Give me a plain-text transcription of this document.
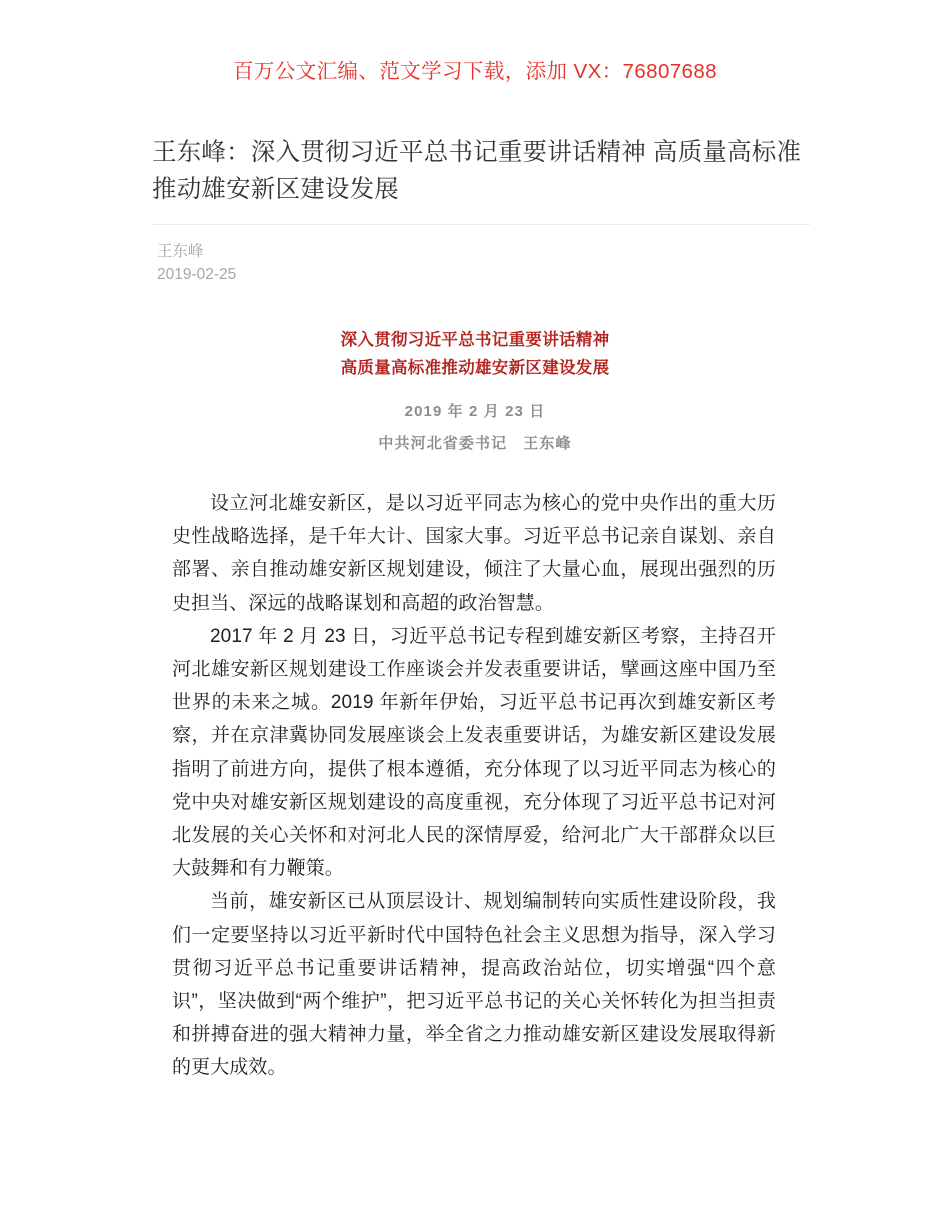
百万公文汇编、范文学习下载，添加 VX：76807688
王东峰：深入贯彻习近平总书记重要讲话精神 高质量高标准推动雄安新区建设发展
王东峰
2019-02-25
深入贯彻习近平总书记重要讲话精神
高质量高标准推动雄安新区建设发展
2019 年 2 月 23 日
中共河北省委书记　王东峰

设立河北雄安新区，是以习近平同志为核心的党中央作出的重大历史性战略选择，是千年大计、国家大事。习近平总书记亲自谋划、亲自部署、亲自推动雄安新区规划建设，倾注了大量心血，展现出强烈的历史担当、深远的战略谋划和高超的政治智慧。

2017 年 2 月 23 日，习近平总书记专程到雄安新区考察，主持召开河北雄安新区规划建设工作座谈会并发表重要讲话，擘画这座中国乃至世界的未来之城。2019 年新年伊始，习近平总书记再次到雄安新区考察，并在京津冀协同发展座谈会上发表重要讲话，为雄安新区建设发展指明了前进方向，提供了根本遵循，充分体现了以习近平同志为核心的党中央对雄安新区规划建设的高度重视，充分体现了习近平总书记对河北发展的关心关怀和对河北人民的深情厚爱，给河北广大干部群众以巨大鼓舞和有力鞭策。

当前，雄安新区已从顶层设计、规划编制转向实质性建设阶段，我们一定要坚持以习近平新时代中国特色社会主义思想为指导，深入学习贯彻习近平总书记重要讲话精神，提高政治站位，切实增强“四个意识”，坚决做到“两个维护”，把习近平总书记的关心关怀转化为担当担责和拼搏奋进的强大精神力量，举全省之力推动雄安新区建设发展取得新的更大成效。
